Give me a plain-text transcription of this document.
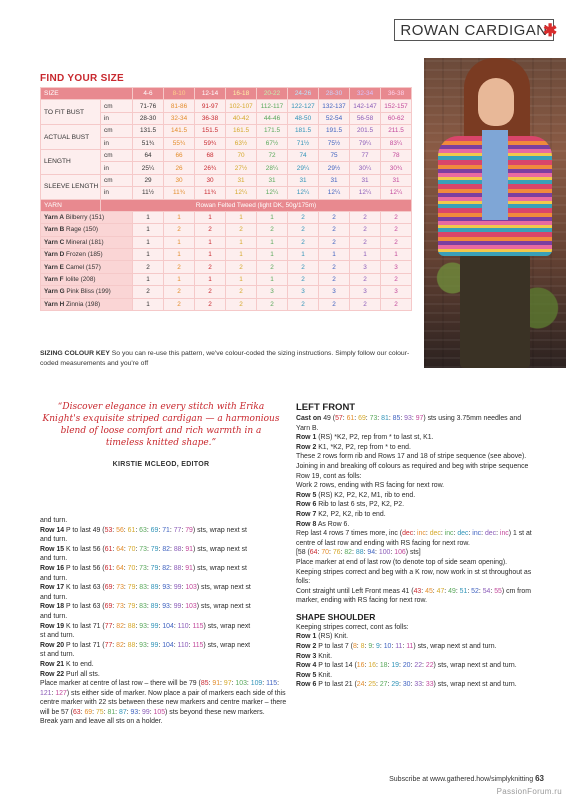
ROWAN CARDIGAN
✱
FIND YOUR SIZE
SIZE		4-6	8-10	12-14	16-18	20-22	24-26	28-30	32-34	36-38
TO FIT BUST	cm	71-76	81-86	91-97	102-107	112-117	122-127	132-137	142-147	152-157
	in	28-30	32-34	36-38	40-42	44-46	48-50	52-54	56-58	60-62
ACTUAL BUST	cm	131.5	141.5	151.5	161.5	171.5	181.5	191.5	201.5	211.5
	in	51¾	55¾	59¾	63½	67½	71½	75½	79¼	83¼
LENGTH	cm	64	66	68	70	72	74	75	77	78
	in	25¼	26	26¾	27½	28¼	29¼	29½	30¼	30¾
SLEEVE LENGTH	cm	29	30	30	31	31	31	31	31	31
	in	11½	11¾	11¾	12¼	12¼	12¼	12¼	12¼	12¼
YARN	Rowan Felted Tweed (light DK, 50g/175m)									
Yarn A Bilberry (151)		1	1	1	1	1	2	2	2	2
Yarn B Rage (150)		1	2	2	2	2	2	2	2	2
Yarn C Mineral (181)		1	1	1	1	1	2	2	2	2
Yarn D Frozen (185)		1	1	1	1	1	1	1	1	1
Yarn E Camel (157)		2	2	2	2	2	2	2	3	3
Yarn F Iolite (208)		1	1	1	1	1	2	2	2	2
Yarn G Pink Bliss (199)		2	2	2	2	3	3	3	3	3
Yarn H Zinnia (198)		1	2	2	2	2	2	2	2	2
SIZING COLOUR KEY So you can re-use this pattern, we've colour-coded the sizing instructions. Simply follow our colour-coded measurements and you're off
“Discover elegance in every stitch with Erika Knight's exquisite striped cardigan — a harmonious blend of loose comfort and rich warmth in a timeless knitted shape.”
KIRSTIE MCLEOD, EDITOR

and turn.

Row 14 P to last 49 (53: 56: 61: 63: 69: 71: 77: 79) sts, wrap next st

and turn.

Row 15 K to last 56 (61: 64: 70: 73: 79: 82: 88: 91) sts, wrap next st

and turn.

Row 16 P to last 56 (61: 64: 70: 73: 79: 82: 88: 91) sts, wrap next st

and turn.

Row 17 K to last 63 (69: 73: 79: 83: 89: 93: 99: 103) sts, wrap next st

and turn.

Row 18 P to last 63 (69: 73: 79: 83: 89: 93: 99: 103) sts, wrap next st

and turn.

Row 19 K to last 71 (77: 82: 88: 93: 99: 104: 110: 115) sts, wrap next

st and turn.

Row 20 P to last 71 (77: 82: 88: 93: 99: 104: 110: 115) sts, wrap next

st and turn.

Row 21 K to end.

Row 22 Purl all sts.

Place marker at centre of last row – there will be 79 (85: 91: 97: 103: 109: 115: 121: 127) sts either side of marker. Now place a pair of markers each side of this centre marker with 22 sts between these new markers and centre marker – there will be 57 (63: 69: 75: 81: 87: 93: 99: 105) sts beyond these new markers.

Break yarn and leave all sts on a holder.

LEFT FRONT

Cast on 49 (57: 61: 69: 73: 81: 85: 93: 97) sts using 3.75mm needles and Yarn B.

Row 1 (RS) *K2, P2, rep from * to last st, K1.

Row 2 K1, *K2, P2, rep from * to end.

These 2 rows form rib and Rows 17 and 18 of stripe sequence (see above).

Joining in and breaking off colours as required and beg with stripe sequence Row 19, cont as folls:

Work 2 rows, ending with RS facing for next row.

Row 5 (RS) K2, P2, K2, M1, rib to end.

Row 6 Rib to last 6 sts, P2, K2, P2.

Row 7 K2, P2, K2, rib to end.

Row 8 As Row 6.

Rep last 4 rows 7 times more, inc (dec: inc: dec: inc: dec: inc: dec: inc) 1 st at centre of last row and ending with RS facing for next row.

[58 (64: 70: 76: 82: 88: 94: 100: 106) sts]

Place marker at end of last row (to denote top of side seam opening).

Keeping stripes correct and beg with a K row, now work in st st throughout as folls:

Cont straight until Left Front meas 41 (43: 45: 47: 49: 51: 52: 54: 55) cm from marker, ending with RS facing for next row.

SHAPE SHOULDER

Keeping stripes correct, cont as folls:

Row 1 (RS) Knit.

Row 2 P to last 7 (8: 8: 9: 9: 10: 11: 11) sts, wrap next st and turn.

Row 3 Knit.

Row 4 P to last 14 (16: 16: 18: 19: 20: 22: 22) sts, wrap next st and turn.

Row 5 Knit.

Row 6 P to last 21 (24: 25: 27: 29: 30: 33: 33) sts, wrap next st and turn.

Subscribe at www.gathered.how/simplyknitting 63
PassionForum.ru
